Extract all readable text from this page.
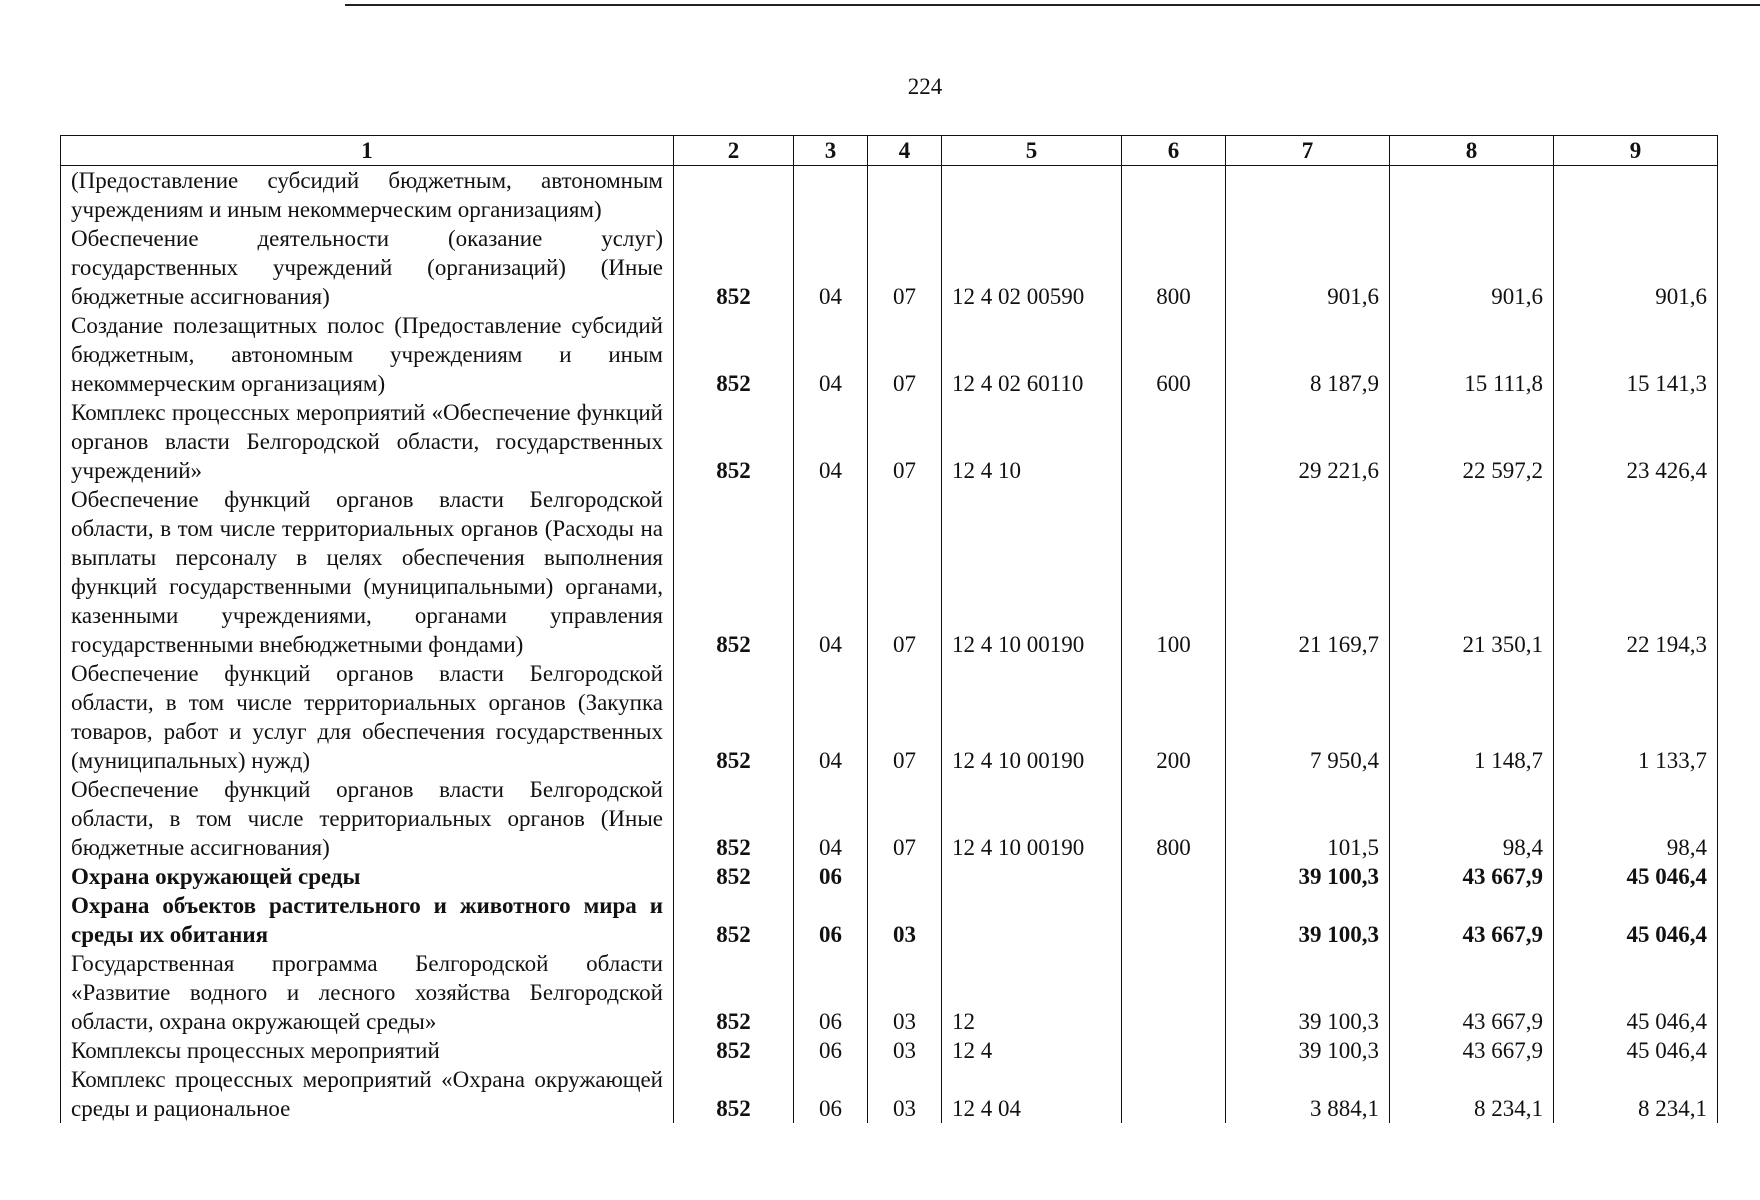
224
1	2	3	4	5	6	7	8	9
(Предоставление субсидий бюджетным, автономным учреждениям и иным некоммерческим организациям)								
Обеспечение деятельности (оказание услуг) государственных учреждений (организаций) (Иные бюджетные ассигнования)	852	04	07	12 4 02 00590	800	901,6	901,6	901,6
Создание полезащитных полос (Предоставление субсидий бюджетным, автономным учреждениям и иным некоммерческим организациям)	852	04	07	12 4 02 60110	600	8 187,9	15 111,8	15 141,3
Комплекс процессных мероприятий «Обеспечение функций органов власти Белгородской области, государственных учреждений»	852	04	07	12 4 10		29 221,6	22 597,2	23 426,4
Обеспечение функций органов власти Белгородской области, в том числе территориальных органов (Расходы на выплаты персоналу в целях обеспечения выполнения функций государственными (муниципальными) органами, казенными учреждениями, органами управления государственными внебюджетными фондами)	852	04	07	12 4 10 00190	100	21 169,7	21 350,1	22 194,3
Обеспечение функций органов власти Белгородской области, в том числе территориальных органов (Закупка товаров, работ и услуг для обеспечения государственных (муниципальных) нужд)	852	04	07	12 4 10 00190	200	7 950,4	1 148,7	1 133,7
Обеспечение функций органов власти Белгородской области, в том числе территориальных органов (Иные бюджетные ассигнования)	852	04	07	12 4 10 00190	800	101,5	98,4	98,4
Охрана окружающей среды	852	06				39 100,3	43 667,9	45 046,4
Охрана объектов растительного и животного мира и среды их обитания	852	06	03			39 100,3	43 667,9	45 046,4
Государственная программа Белгородской области «Развитие водного и лесного хозяйства Белгородской области, охрана окружающей среды»	852	06	03	12		39 100,3	43 667,9	45 046,4
Комплексы процессных мероприятий	852	06	03	12 4		39 100,3	43 667,9	45 046,4
Комплекс процессных мероприятий «Охрана окружающей среды и рациональное	852	06	03	12 4 04		3 884,1	8 234,1	8 234,1
